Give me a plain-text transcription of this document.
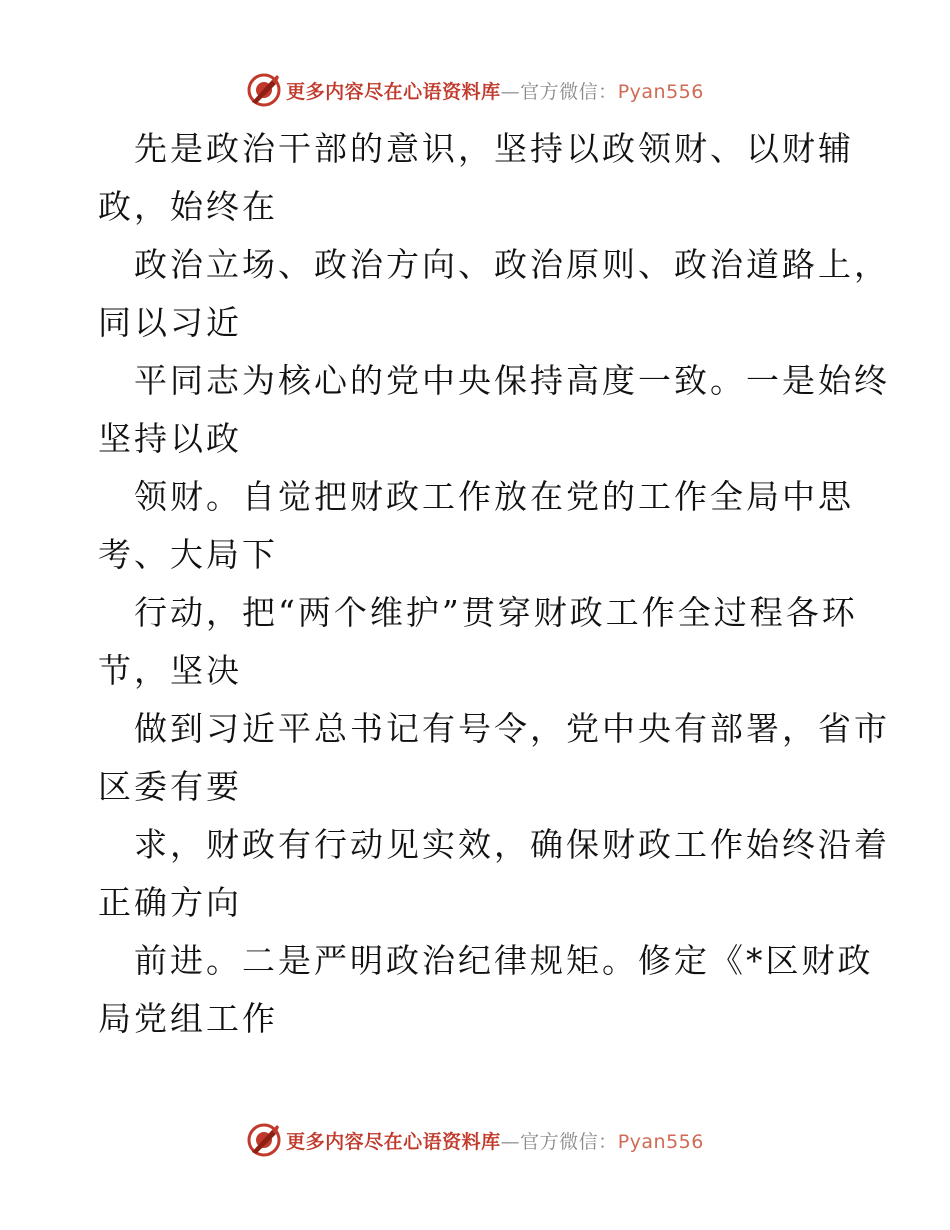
更多内容尽在心语资料库—官方微信：Pyan556
先是政治干部的意识，坚持以政领财、以财辅
政，始终在
政治立场、政治方向、政治原则、政治道路上，
同以习近
平同志为核心的党中央保持高度一致。一是始终
坚持以政
领财。自觉把财政工作放在党的工作全局中思
考、大局下
行动，把“两个维护”贯穿财政工作全过程各环
节，坚决
做到习近平总书记有号令，党中央有部署，省市
区委有要
求，财政有行动见实效，确保财政工作始终沿着
正确方向
前进。二是严明政治纪律规矩。修定《*区财政
局党组工作
更多内容尽在心语资料库—官方微信：Pyan556
